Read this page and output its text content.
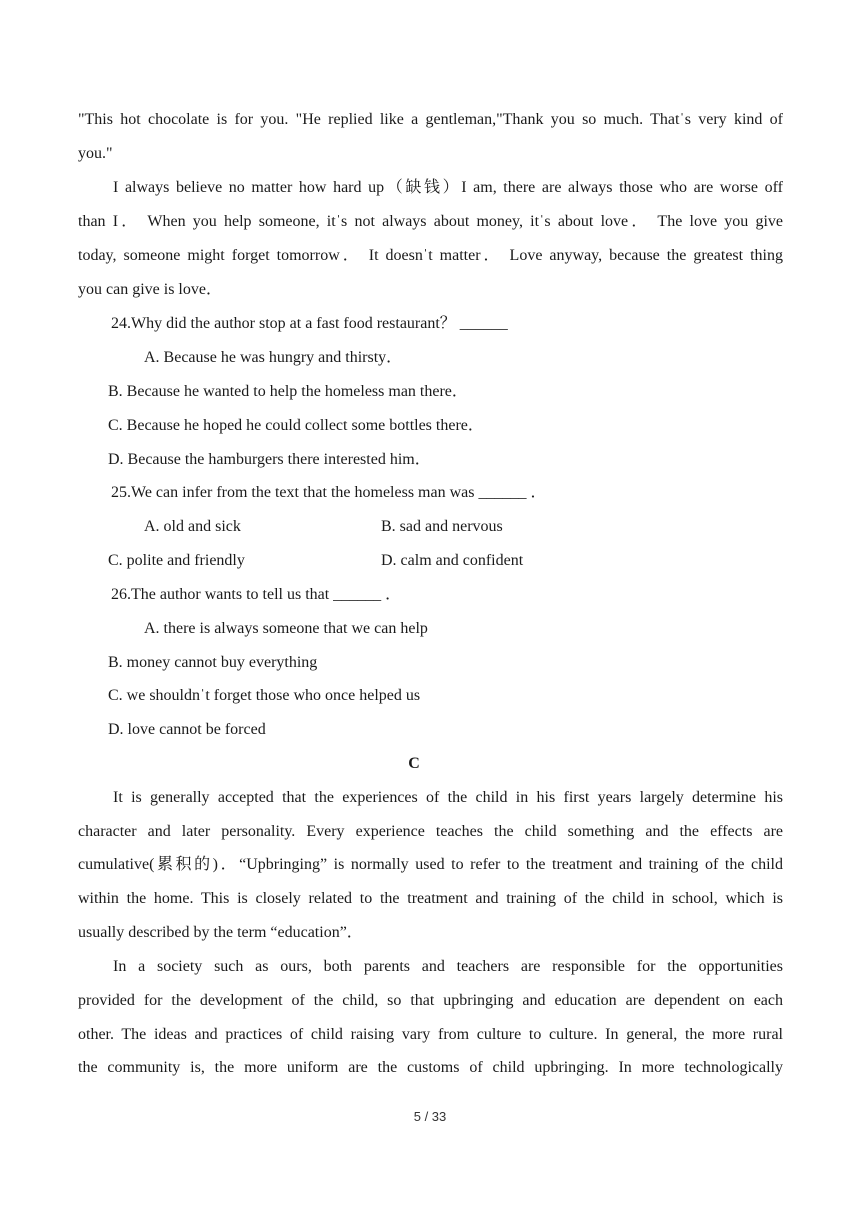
"This hot chocolate is for you. "He replied like a gentleman,"Thank you so much. Thatˈs very kind of
you."
I always believe no matter how hard up（缺钱）I am, there are always those who are worse off
than I． When you help someone, itˈs not always about money, itˈs about love． The love you give
today, someone might forget tomorrow． It doesnˈt matter． Love anyway, because the greatest thing
you can give is love．
24.Why did the author stop at a fast food restaurant？ ______
A. Because he was hungry and thirsty．
B. Because he wanted to help the homeless man there．
C. Because he hoped he could collect some bottles there．
D. Because the hamburgers there interested him．
25.We can infer from the text that the homeless man was ______ ．
A. old and sick	B. sad and nervous
C. polite and friendly	D. calm and confident
26.The author wants to tell us that ______ ．
A. there is always someone that we can help
B. money cannot buy everything
C. we shouldnˈt forget those who once helped us
D. love cannot be forced
C
It is generally accepted that the experiences of the child in his first years largely determine his
character and later personality. Every experience teaches the child something and the effects are
cumulative(累积的)．“Upbringing” is normally used to refer to the treatment and training of the child
within the home. This is closely related to the treatment and training of the child in school, which is
usually described by the term “education”．
In a society such as ours, both parents and teachers are responsible for the opportunities
provided for the development of the child, so that upbringing and education are dependent on each
other. The ideas and practices of child raising vary from culture to culture. In general, the more rural
the community is, the more uniform are the customs of child upbringing. In more technologically
5 / 33
